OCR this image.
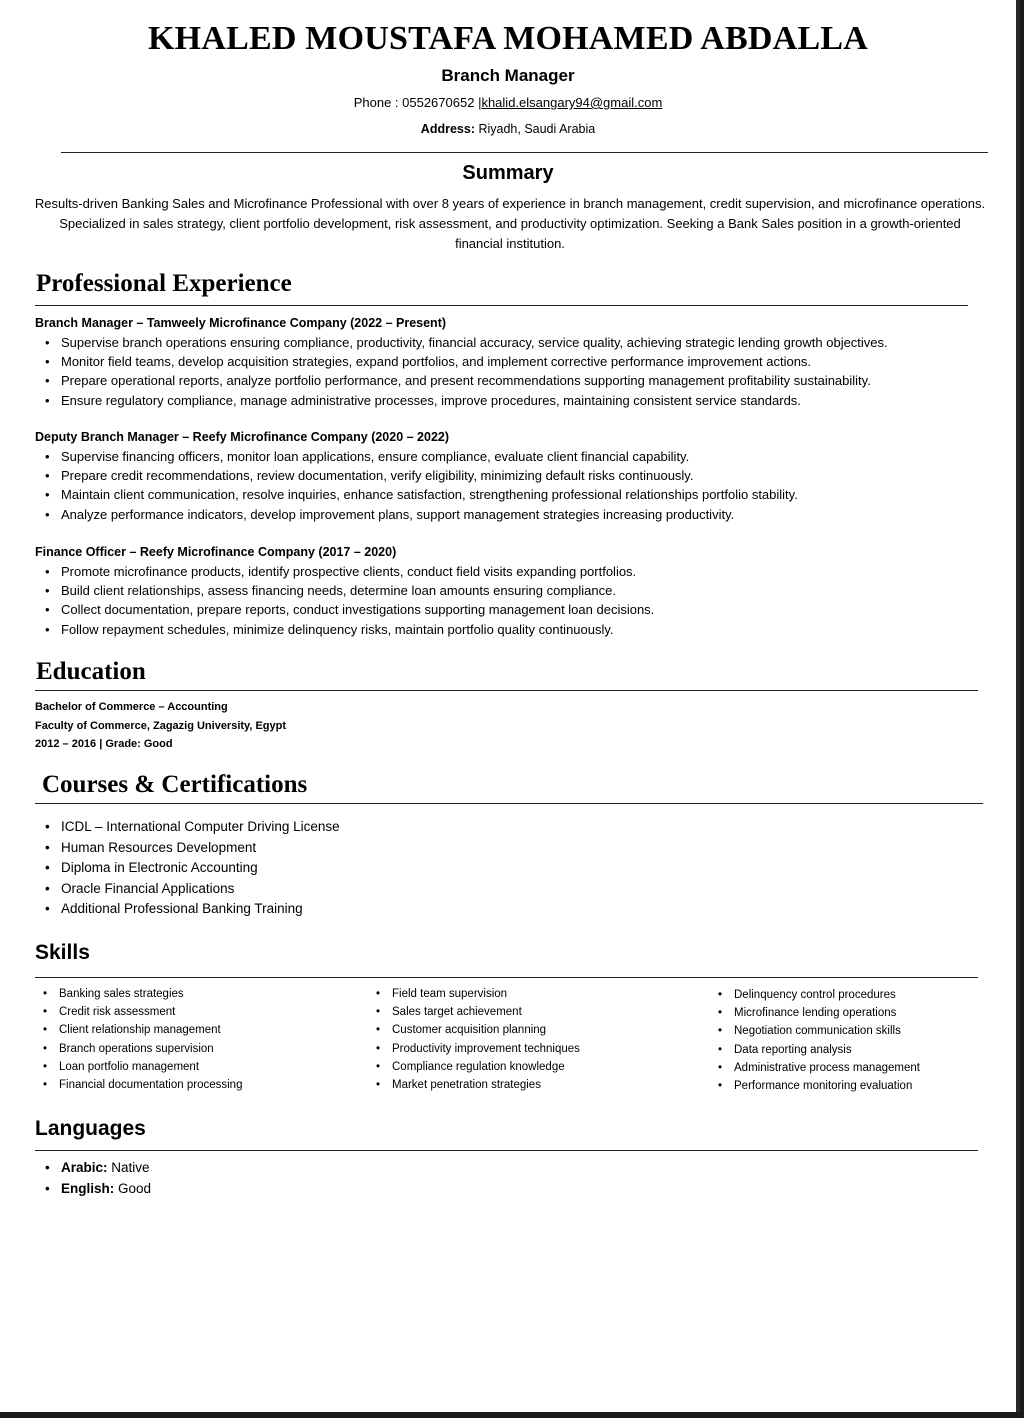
KHALED MOUSTAFA MOHAMED ABDALLA
Branch Manager
Phone : 0552670652 |khalid.elsangary94@gmail.com
Address: Riyadh, Saudi Arabia
Summary
Results-driven Banking Sales and Microfinance Professional with over 8 years of experience in branch management, credit supervision, and microfinance operations. Specialized in sales strategy, client portfolio development, risk assessment, and productivity optimization. Seeking a Bank Sales position in a growth-oriented financial institution.
Professional Experience
Branch Manager – Tamweely Microfinance Company (2022 – Present)
• Supervise branch operations ensuring compliance, productivity, financial accuracy, service quality, achieving strategic lending growth objectives.
• Monitor field teams, develop acquisition strategies, expand portfolios, and implement corrective performance improvement actions.
• Prepare operational reports, analyze portfolio performance, and present recommendations supporting management profitability sustainability.
• Ensure regulatory compliance, manage administrative processes, improve procedures, maintaining consistent service standards.
Deputy Branch Manager – Reefy Microfinance Company (2020 – 2022)
• Supervise financing officers, monitor loan applications, ensure compliance, evaluate client financial capability.
• Prepare credit recommendations, review documentation, verify eligibility, minimizing default risks continuously.
• Maintain client communication, resolve inquiries, enhance satisfaction, strengthening professional relationships portfolio stability.
• Analyze performance indicators, develop improvement plans, support management strategies increasing productivity.
Finance Officer – Reefy Microfinance Company (2017 – 2020)
• Promote microfinance products, identify prospective clients, conduct field visits expanding portfolios.
• Build client relationships, assess financing needs, determine loan amounts ensuring compliance.
• Collect documentation, prepare reports, conduct investigations supporting management loan decisions.
• Follow repayment schedules, minimize delinquency risks, maintain portfolio quality continuously.
Education
Bachelor of Commerce – Accounting
Faculty of Commerce, Zagazig University, Egypt
2012 – 2016 | Grade: Good
Courses & Certifications
• ICDL – International Computer Driving License
• Human Resources Development
• Diploma in Electronic Accounting
• Oracle Financial Applications
• Additional Professional Banking Training
Skills
• Banking sales strategies
• Credit risk assessment
• Client relationship management
• Branch operations supervision
• Loan portfolio management
• Financial documentation processing
• Field team supervision
• Sales target achievement
• Customer acquisition planning
• Productivity improvement techniques
• Compliance regulation knowledge
• Market penetration strategies
• Delinquency control procedures
• Microfinance lending operations
• Negotiation communication skills
• Data reporting analysis
• Administrative process management
• Performance monitoring evaluation
Languages
• Arabic: Native
• English: Good
